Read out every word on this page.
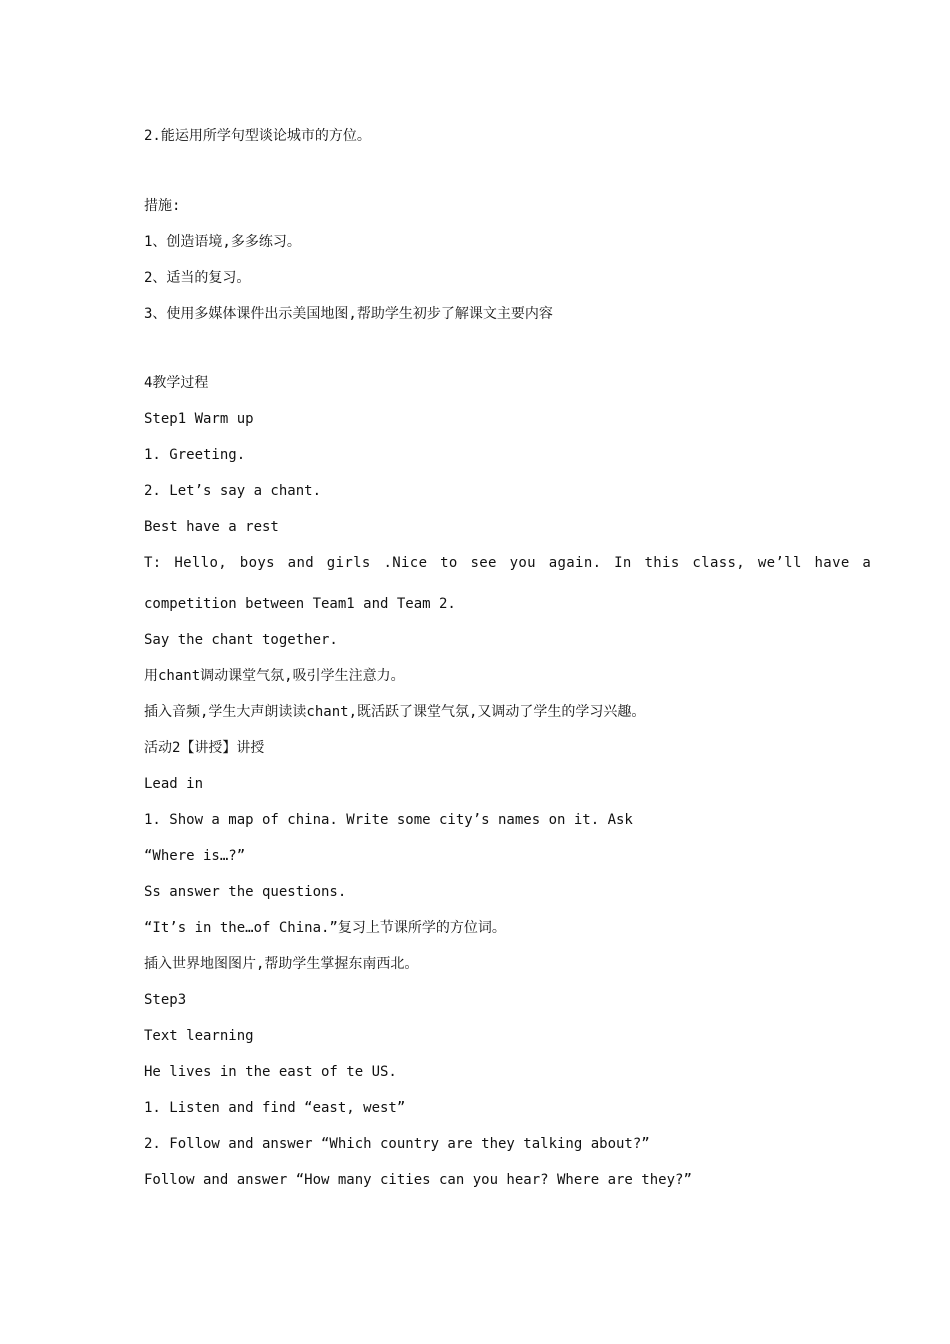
2.能运用所学句型谈论城市的方位。

措施:

1、创造语境,多多练习。

2、适当的复习。

3、使用多媒体课件出示美国地图,帮助学生初步了解课文主要内容

4教学过程

Step1 Warm up

1. Greeting.

2. Let’s say a chant.

Best have a rest

T: Hello, boys and girls .Nice to see you again. In this class, we’ll have a

competition between Team1 and Team 2.

Say the chant together.

用chant调动课堂气氛,吸引学生注意力。

插入音频,学生大声朗读读chant,既活跃了课堂气氛,又调动了学生的学习兴趣。

活动2【讲授】讲授

Lead in

1. Show a map of china. Write some city’s names on it. Ask

“Where is…?”

Ss answer the questions.

“It’s in the…of China.”复习上节课所学的方位词。

插入世界地图图片,帮助学生掌握东南西北。

Step3

Text learning

He lives in the east of te US.

1. Listen and find “east, west”

2. Follow and answer “Which country are they talking about?”

Follow and answer “How many cities can you hear? Where are they?”
